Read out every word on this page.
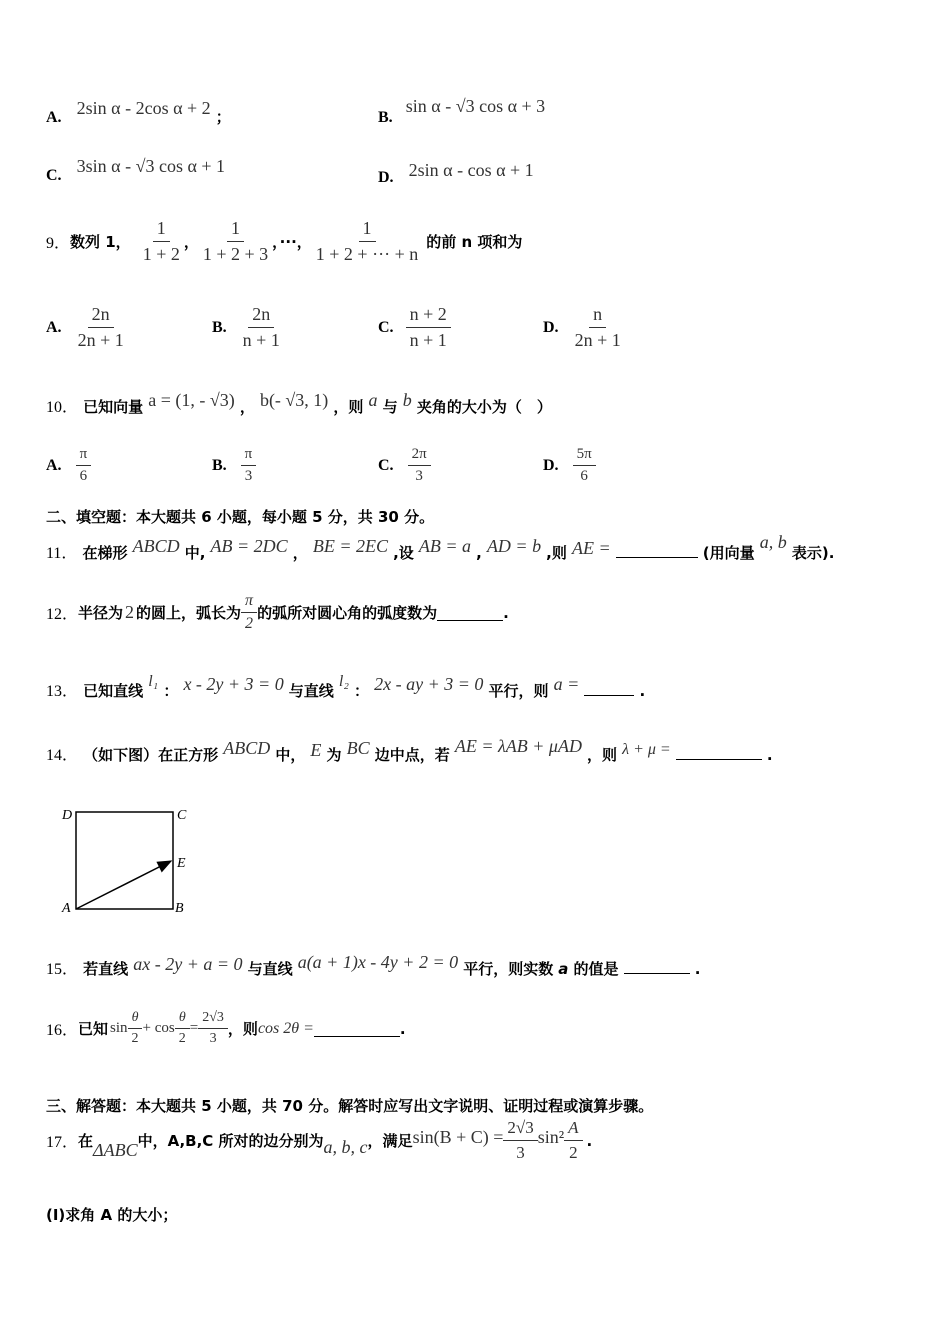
A. 2sin α - 2cos α + 2 ；	B. sin α - √3 cos α + 3
C. 3sin α - √3 cos α + 1
D. 2sin α - cos α + 1
9． 数列 1， $\frac{1}{1 + 2}$ ， $\frac{1}{1 + 2 + 3}$ ，···， $\frac{1}{1 + 2 + \cdot\cdot\cdot + n}$ 的前 n 项和为
A. $\frac{2n}{2n + 1}$	B. $\frac{2n}{n + 1}$	C. $\frac{n + 2}{n + 1}$	D. $\frac{n}{2n + 1}$
10． 已知向量 a = (1, - √3) ， b(- √3, 1) ，则 a 与 b 夹角的大小为（　）
A. $\frac{\pi}{6}$	B. $\frac{\pi}{3}$	C. $\frac{2\pi}{3}$	D. $\frac{5\pi}{6}$
二、填空题：本大题共 6 小题，每小题 5 分，共 30 分。
11． 在梯形 ABCD 中, AB = 2DC ， BE = 2EC ,设 AB = a , AD = b ,则 AE =	(用向量 a, b 表示).
12． 半径为 2 的圆上，弧长为 $\frac{\pi}{2}$ 的弧所对圆心角的弧度数为	.
13． 已知直线 l₁ ： x - 2y + 3 = 0 与直线 l₂ ： 2x - ay + 3 = 0 平行，则 a =	.
14． （如下图）在正方形 ABCD 中， E 为 BC 边中点，若 AE = λAB + μAD ，则 λ + μ =	.
D	C
E
A	B
15． 若直线 ax - 2y + a = 0 与直线 a(a + 1)x - 4y + 2 = 0 平行，则实数 a 的值是	.
16． 已知 $\sin \frac{\theta}{2} + \cos \frac{\theta}{2} = \frac{2√3}{3}$ ，则 cos 2θ =	.
三、解答题：本大题共 5 小题，共 70 分。解答时应写出文字说明、证明过程或演算步骤。
17． 在 ΔABC 中，A,B,C 所对的边分别为 a, b, c ，满足 $\sin(B + C) = \frac{2√3}{3} \sin^2 \frac{A}{2}$ .
(I)求角 A 的大小；
